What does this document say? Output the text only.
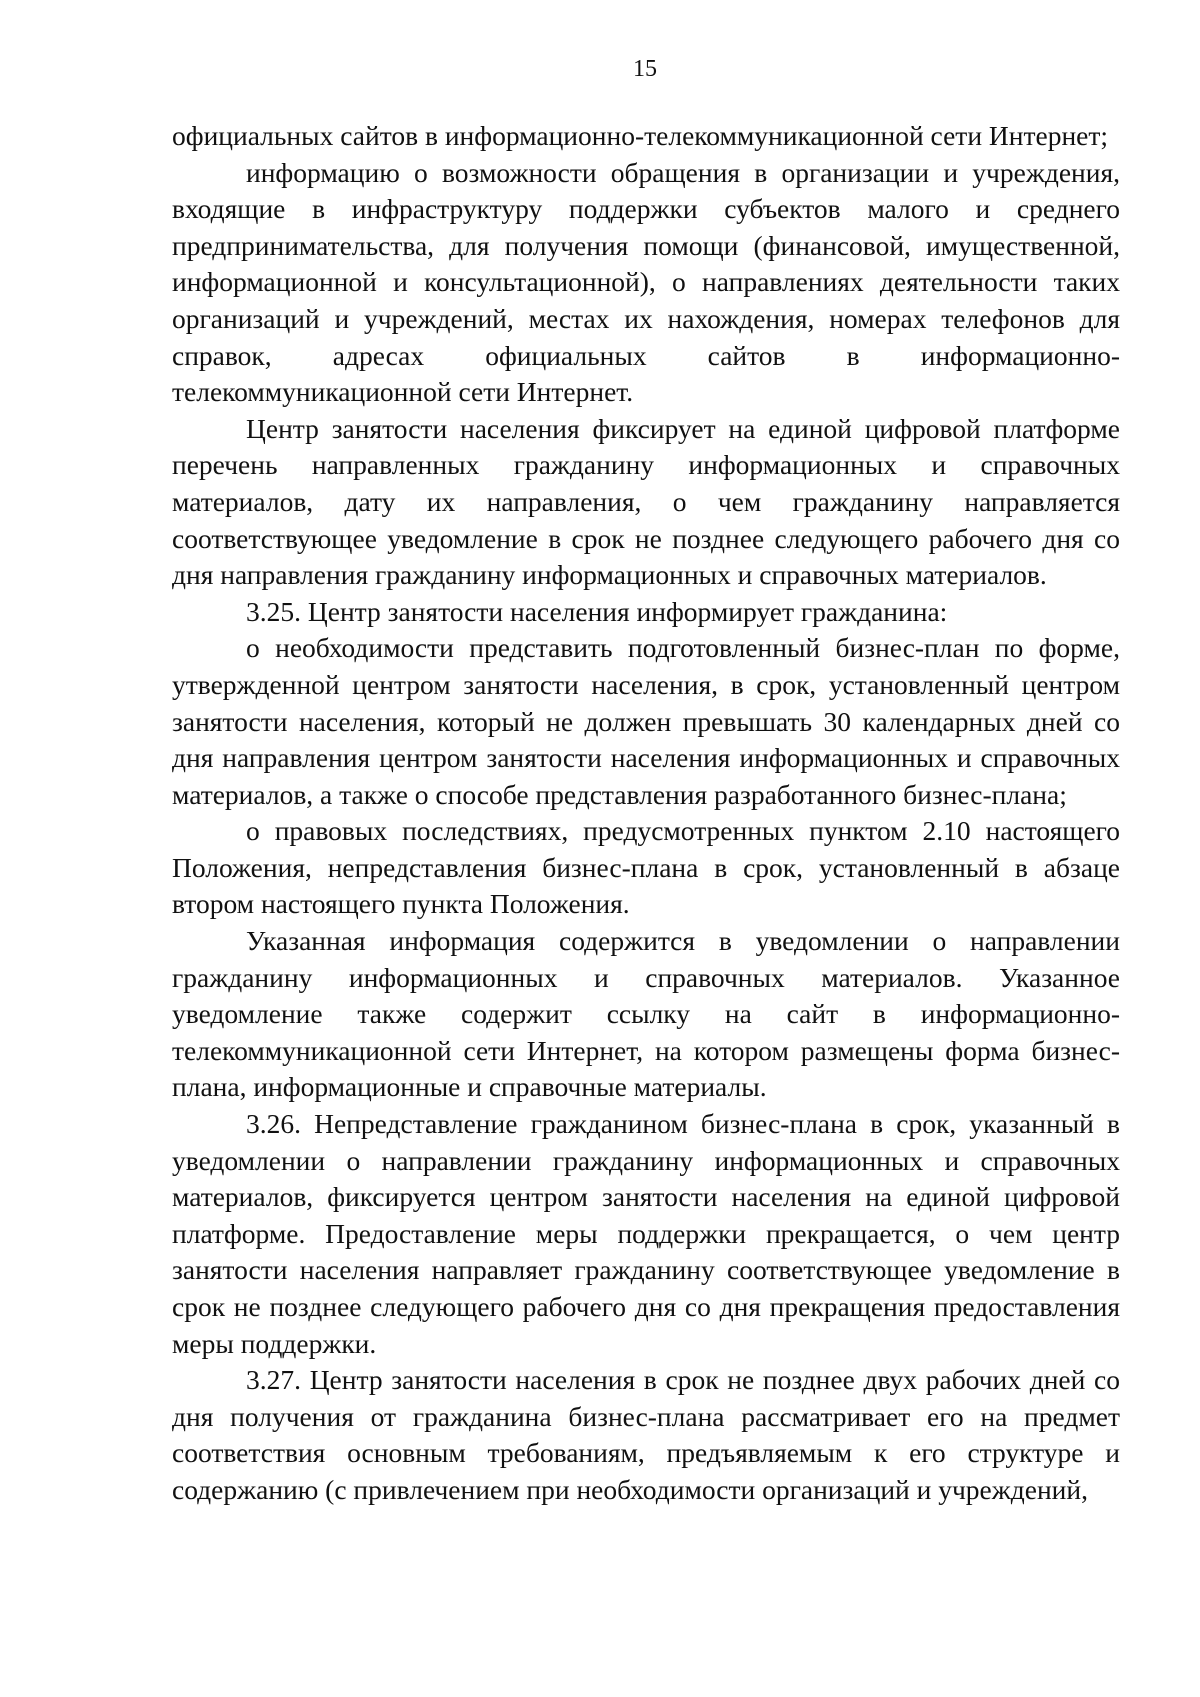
15

официальных сайтов в информационно-телекоммуникационной сети Интернет;

информацию о возможности обращения в организации и учреждения, входящие в инфраструктуру поддержки субъектов малого и среднего предпринимательства, для получения помощи (финансовой, имущественной, информационной и консультационной), о направлениях деятельности таких организаций и учреждений, местах их нахождения, номерах телефонов для справок, адресах официальных сайтов в информационно-телекоммуникационной сети Интернет.

Центр занятости населения фиксирует на единой цифровой платформе перечень направленных гражданину информационных и справочных материалов, дату их направления, о чем гражданину направляется соответствующее уведомление в срок не позднее следующего рабочего дня со дня направления гражданину информационных и справочных материалов.

3.25. Центр занятости населения информирует гражданина:

о необходимости представить подготовленный бизнес-план по форме, утвержденной центром занятости населения, в срок, установленный центром занятости населения, который не должен превышать 30 календарных дней со дня направления центром занятости населения информационных и справочных материалов, а также о способе представления разработанного бизнес-плана;

о правовых последствиях, предусмотренных пунктом 2.10 настоящего Положения, непредставления бизнес-плана в срок, установленный в абзаце втором настоящего пункта Положения.

Указанная информация содержится в уведомлении о направлении гражданину информационных и справочных материалов. Указанное уведомление также содержит ссылку на сайт в информационно-телекоммуникационной сети Интернет, на котором размещены форма бизнес-плана, информационные и справочные материалы.

3.26. Непредставление гражданином бизнес-плана в срок, указанный в уведомлении о направлении гражданину информационных и справочных материалов, фиксируется центром занятости населения на единой цифровой платформе. Предоставление меры поддержки прекращается, о чем центр занятости населения направляет гражданину соответствующее уведомление в срок не позднее следующего рабочего дня со дня прекращения предоставления меры поддержки.

3.27. Центр занятости населения в срок не позднее двух рабочих дней со дня получения от гражданина бизнес-плана рассматривает его на предмет соответствия основным требованиям, предъявляемым к его структуре и содержанию (с привлечением при необходимости организаций и учреждений,
